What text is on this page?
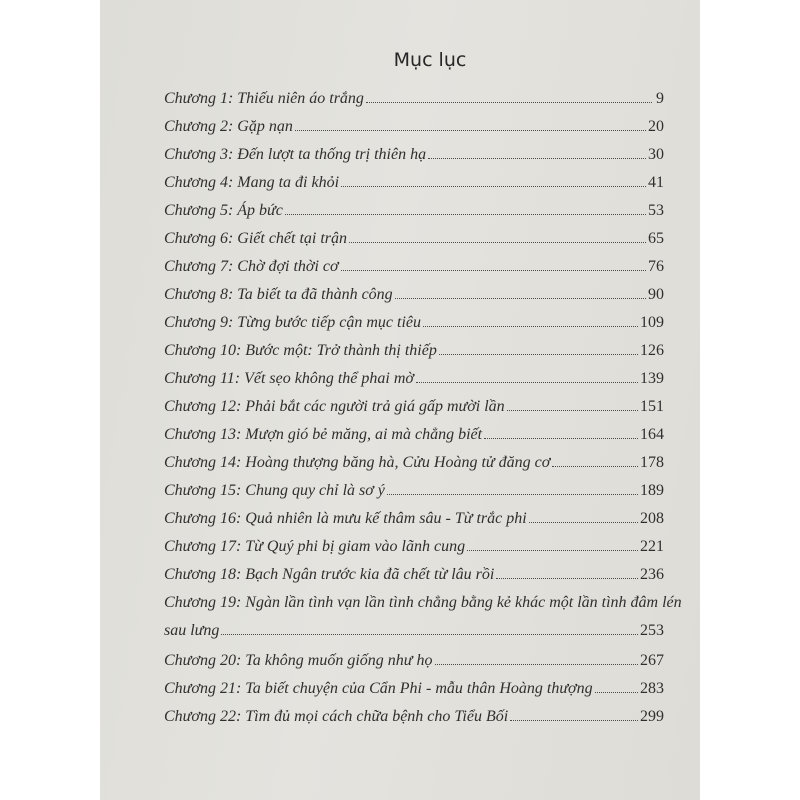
Mục lục
Chương 1: Thiếu niên áo trắng	9
Chương 2: Gặp nạn	20
Chương 3: Đến lượt ta thống trị thiên hạ	30
Chương 4: Mang ta đi khỏi	41
Chương 5: Áp bức	53
Chương 6: Giết chết tại trận	65
Chương 7: Chờ đợi thời cơ	76
Chương 8: Ta biết ta đã thành công	90
Chương 9: Từng bước tiếp cận mục tiêu	109
Chương 10: Bước một: Trở thành thị thiếp	126
Chương 11: Vết sẹo không thể phai mờ	139
Chương 12: Phải bắt các người trả giá gấp mười lần	151
Chương 13: Mượn gió bẻ măng, ai mà chẳng biết	164
Chương 14: Hoàng thượng băng hà, Cửu Hoàng tử đăng cơ	178
Chương 15: Chung quy chỉ là sơ ý	189
Chương 16: Quả nhiên là mưu kế thâm sâu - Từ trắc phi	208
Chương 17: Từ Quý phi bị giam vào lãnh cung	221
Chương 18: Bạch Ngân trước kia đã chết từ lâu rồi	236
Chương 19: Ngàn lần tình vạn lần tình chẳng bằng kẻ khác một lần tình đâm lén
sau lưng	253
Chương 20: Ta không muốn giống như họ	267
Chương 21: Ta biết chuyện của Cẩn Phi - mẫu thân Hoàng thượng	283
Chương 22: Tìm đủ mọi cách chữa bệnh cho Tiểu Bối	299
